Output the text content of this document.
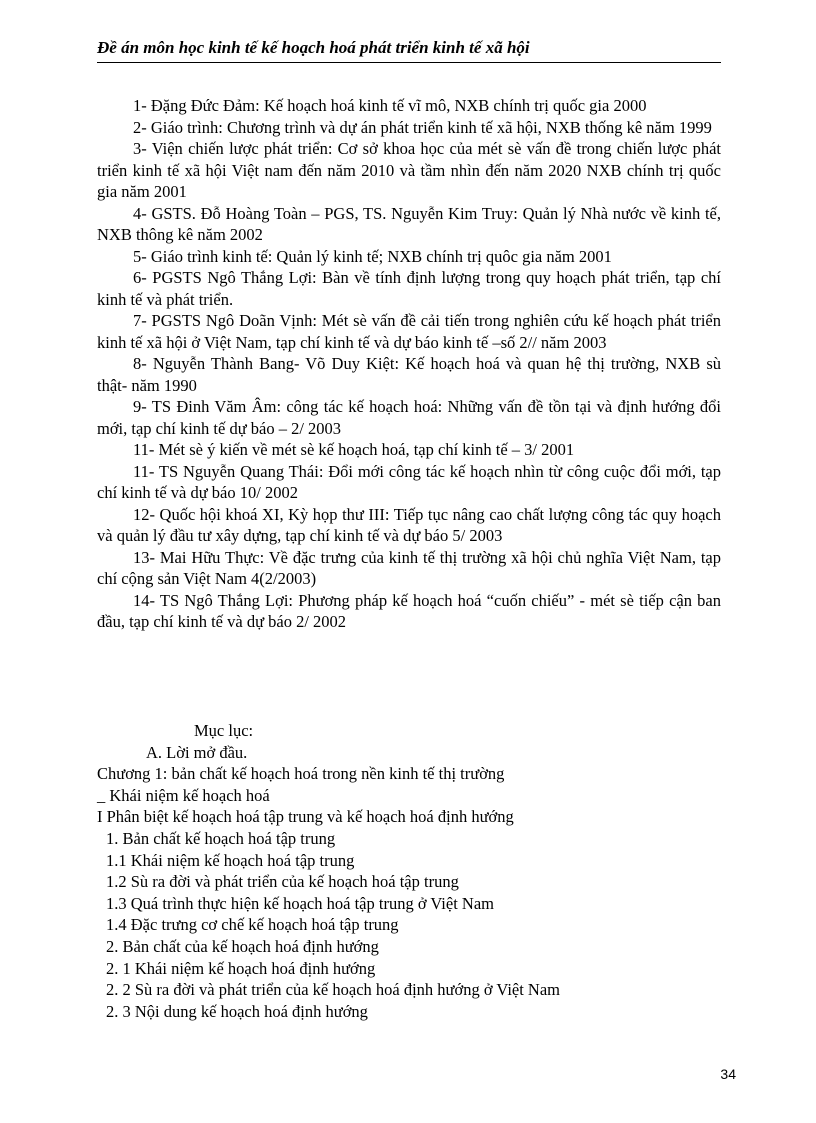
Đề án môn học kinh tế kế hoạch hoá phát triển kinh tế xã hội

1- Đặng Đức Đảm: Kế hoạch hoá kinh tế vĩ mô, NXB chính trị quốc gia 2000

2- Giáo trình: Chương trình và dự án phát triển kinh tế xã hội, NXB thống kê năm 1999

3- Viện chiến lược phát triển: Cơ sở khoa học của mét sè vấn đề trong chiến lược phát triển kinh tế xã hội Việt nam đến năm 2010 và tầm nhìn đến năm 2020 NXB chính trị quốc gia năm 2001

4- GSTS. Đỗ Hoàng Toàn – PGS, TS. Nguyễn Kim Truy: Quản lý Nhà nước về kinh tế, NXB thông kê năm 2002

5- Giáo trình kinh tế: Quản lý kinh tế; NXB chính trị quôc gia năm 2001

6- PGSTS Ngô Thắng Lợi: Bàn về tính định lượng trong quy hoạch phát triển, tạp chí kinh tế và phát triển.

7- PGSTS Ngô Doãn Vịnh: Mét sè vấn đề cải tiến trong nghiên cứu kế hoạch phát triển kinh tế xã hội ở Việt Nam, tạp chí kinh tế và dự báo kinh tế –số 2// năm 2003

8- Nguyễn Thành Bang- Võ Duy Kiệt: Kế hoạch hoá và quan hệ thị trường, NXB sù thật- năm 1990

9- TS Đinh Văm Âm: công tác kế hoạch hoá: Những vấn đề tồn tại và định hướng đổi mới, tạp chí kinh tế dự báo – 2/ 2003

11- Mét sè ý kiến về mét sè kế hoạch hoá, tạp chí kinh tế – 3/ 2001

11- TS Nguyễn Quang Thái: Đổi mới công tác kế hoạch nhìn từ công cuộc đổi mới, tạp chí kinh tế và dự báo 10/ 2002

12- Quốc hội khoá XI, Kỳ họp thư III: Tiếp tục nâng cao chất lượng công tác quy hoạch và quản lý đầu tư xây dựng, tạp chí kinh tế và dự báo 5/ 2003

13- Mai Hữu Thực: Về đặc trưng của kinh tế thị trường xã hội chủ nghĩa Việt Nam, tạp chí cộng sản Việt Nam 4(2/2003)

14- TS Ngô Thắng Lợi: Phương pháp kế hoạch hoá “cuốn chiếu” - mét sè tiếp cận ban đầu, tạp chí kinh tế và dự báo 2/ 2002

Mục lục:

A. Lời mở đầu.

Chương 1: bản chất kế hoạch hoá trong nền kinh tế thị trường

_ Khái niệm kế hoạch hoá

I Phân biệt kế hoạch hoá tập trung và kế hoạch hoá định hướng

1. Bản chất kế hoạch hoá tập trung

1.1 Khái niệm kế hoạch hoá tập trung

1.2 Sù ra đời và phát triển của kế hoạch hoá tập trung

1.3 Quá trình thực hiện kế hoạch hoá tập trung ở Việt Nam

1.4 Đặc trưng cơ chế kế hoạch hoá tập trung

2. Bản chất của kế hoạch hoá định hướng

2. 1 Khái niệm kế hoạch hoá định hướng

2. 2 Sù ra đời và phát triển của kế hoạch hoá định hướng ở Việt Nam

2. 3 Nội dung kế hoạch hoá định hướng

34
